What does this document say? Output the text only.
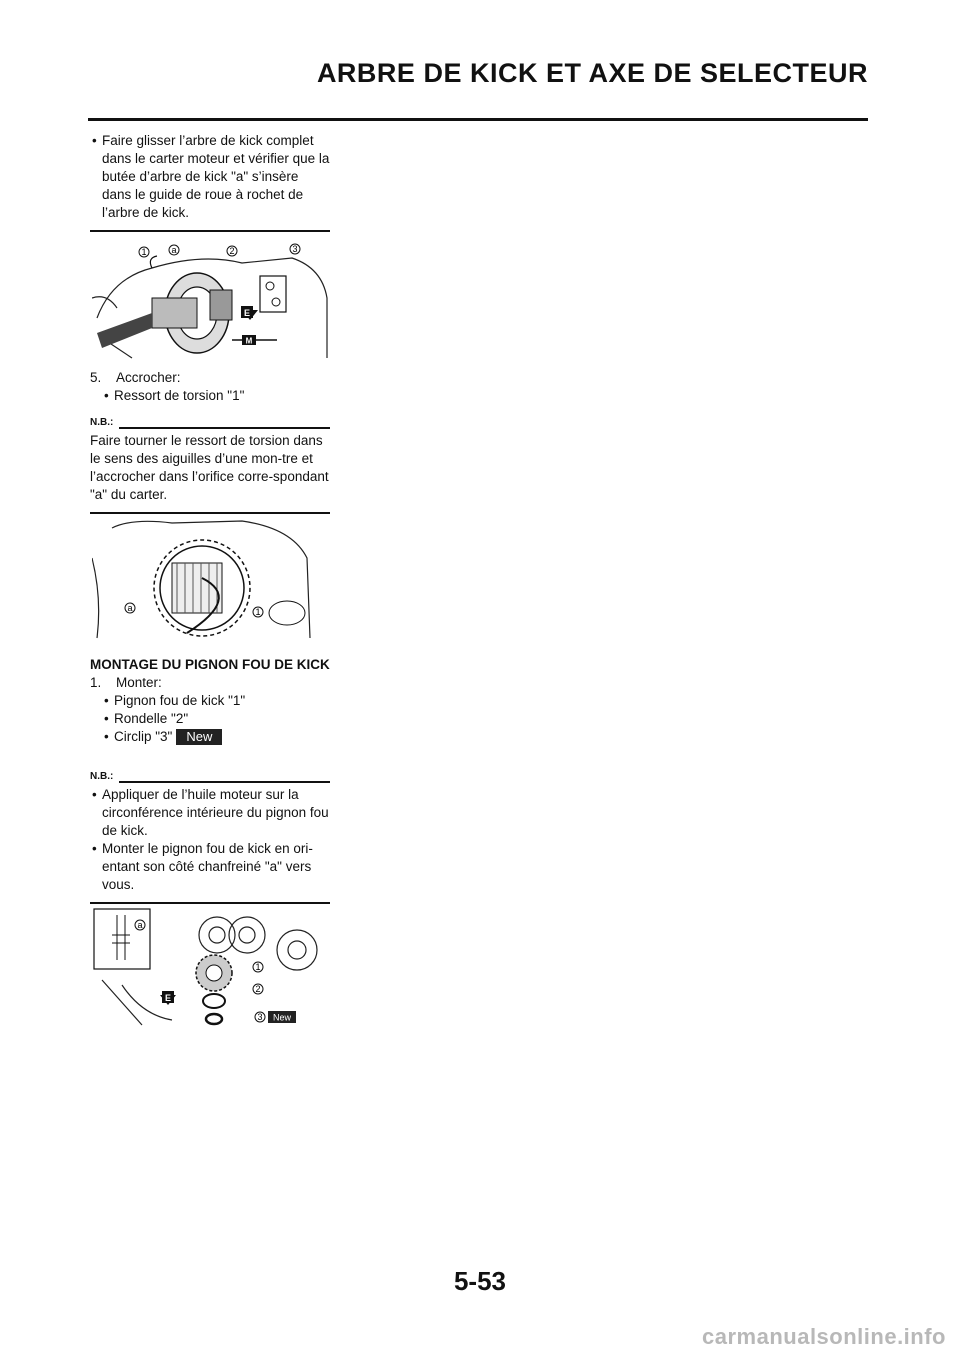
ARBRE DE KICK ET AXE DE SELECTEUR
• Faire glisser l’arbre de kick complet dans le carter moteur et vérifier que la butée d’arbre de kick "a" s’insère dans le guide de roue à rochet de l’arbre de kick.
E
M
1	a	2	3
5. Accrocher:
• Ressort de torsion "1"
N.B.:
Faire tourner le ressort de torsion dans le sens des aiguilles d’une mon-tre et l’accrocher dans l’orifice corre-spondant "a" du carter.
a	1
MONTAGE DU PIGNON FOU DE KICK
1. Monter:
• Pignon fou de kick "1"
• Rondelle "2"
• Circlip "3" New
N.B.:
• Appliquer de l’huile moteur sur la circonférence intérieure du pignon fou de kick.
• Monter le pignon fou de kick en ori-entant son côté chanfreiné "a" vers vous.
E
New
a
1
2
3
5-53
carmanualsonline.info
